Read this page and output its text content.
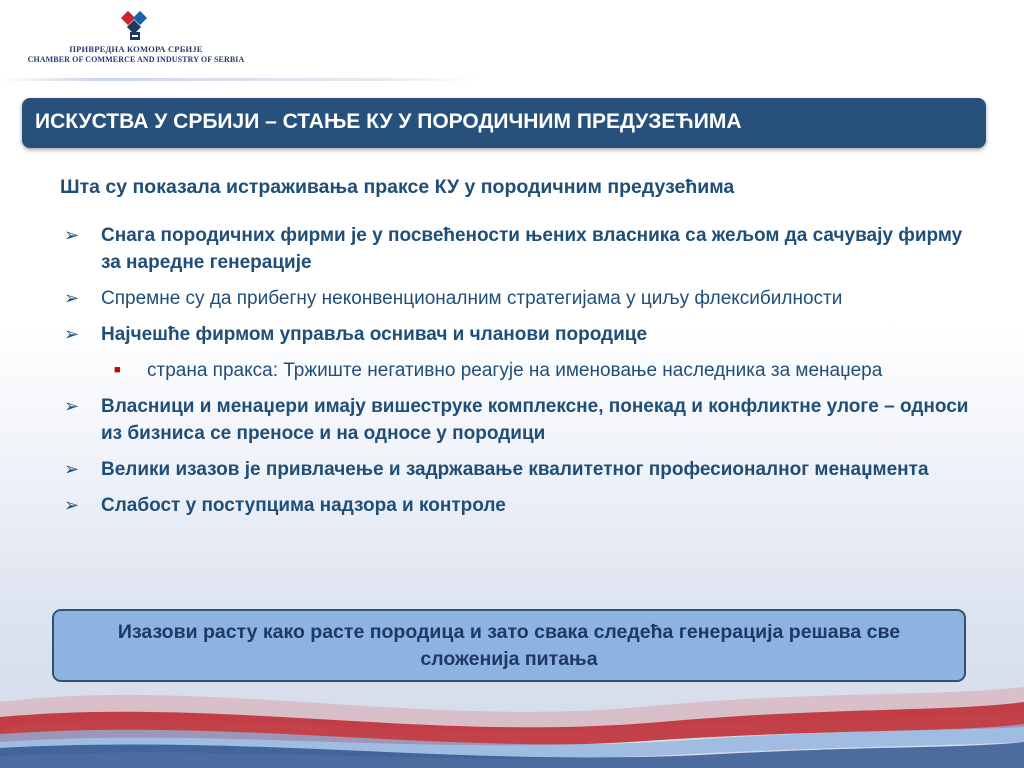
ПРИВРЕДНА КОМОРА СРБИЈЕ
CHAMBER OF COMMERCE AND INDUSTRY OF SERBIA
ИСКУСТВА У СРБИЈИ – СТАЊЕ КУ У ПОРОДИЧНИМ ПРЕДУЗЕЋИМА
Шта су показала истраживања праксе КУ у породичним предузећима
➢ Снага породичних фирми је у посвећености њених власника са жељом да сачувају фирму за наредне генерације
➢ Спремне су да прибегну неконвенционалним стратегијама у циљу флексибилности
➢ Најчешће фирмом управља оснивач и чланови породице
■ страна пракса: Тржиште негативно реагује на именовање наследника за менаџера
➢ Власници и менаџери имају вишеструке комплексне, понекад и конфликтне улоге – односи из бизниса се преносе и на односе у породици
➢ Велики изазов је привлачење и задржавање квалитетног професионалног менаџмента
➢ Слабост у поступцима надзора и контроле
Изазови расту како расте породица и зато свака следећа генерација решава све сложенија питања
